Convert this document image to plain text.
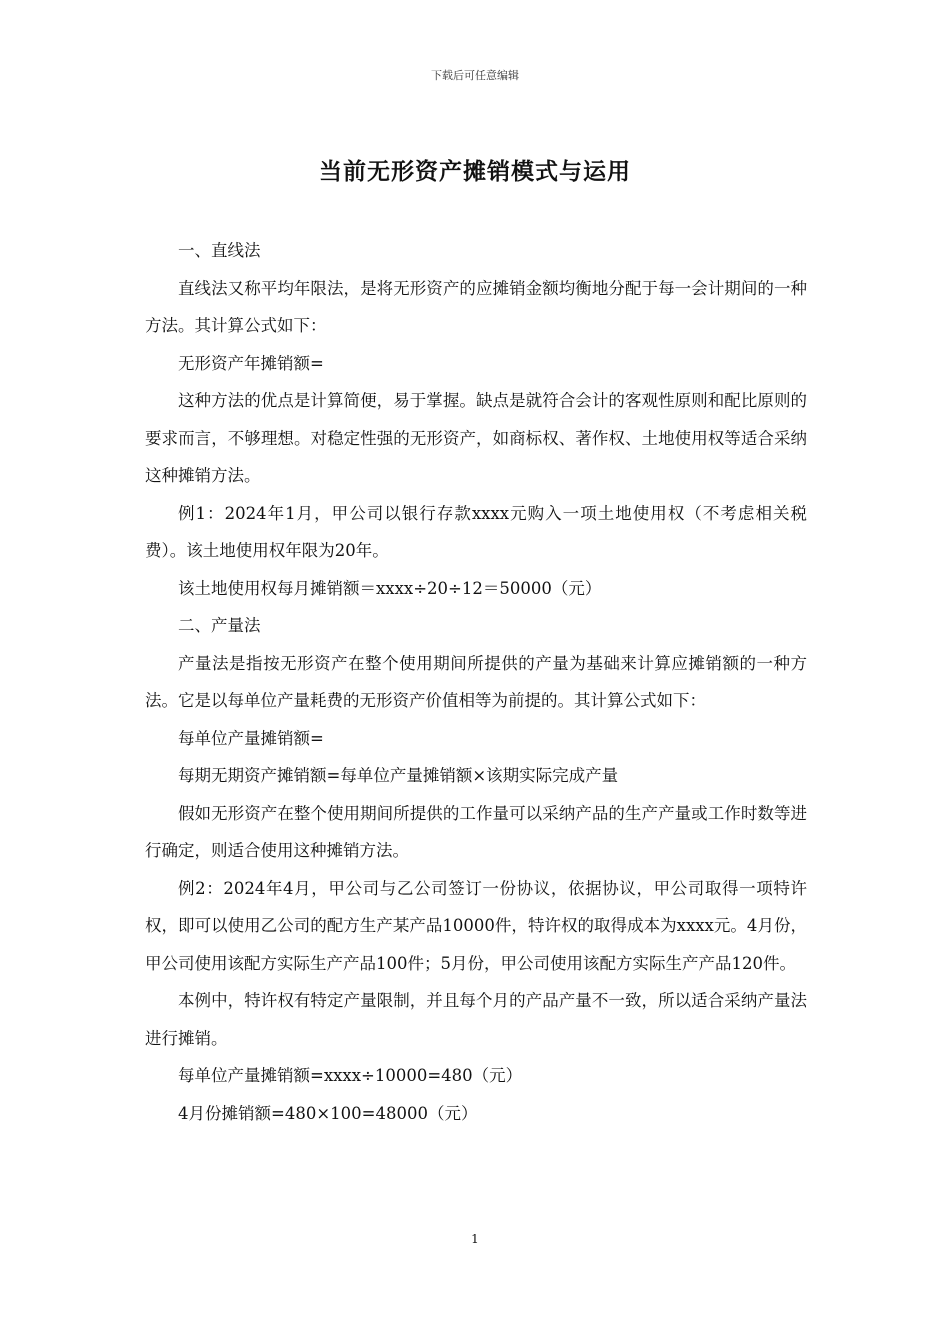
下载后可任意编辑
当前无形资产摊销模式与运用

一、直线法

直线法又称平均年限法，是将无形资产的应摊销金额均衡地分配于每一会计期间的一种方法。其计算公式如下：

无形资产年摊销额=

这种方法的优点是计算简便，易于掌握。缺点是就符合会计的客观性原则和配比原则的要求而言，不够理想。对稳定性强的无形资产，如商标权、著作权、土地使用权等适合采纳这种摊销方法。

例1：2024年1月，甲公司以银行存款xxxx元购入一项土地使用权（不考虑相关税费）。该土地使用权年限为20年。

该土地使用权每月摊销额＝xxxx÷20÷12＝50000（元）

二、产量法

产量法是指按无形资产在整个使用期间所提供的产量为基础来计算应摊销额的一种方法。它是以每单位产量耗费的无形资产价值相等为前提的。其计算公式如下：

每单位产量摊销额=

每期无期资产摊销额=每单位产量摊销额×该期实际完成产量

假如无形资产在整个使用期间所提供的工作量可以采纳产品的生产产量或工作时数等进行确定，则适合使用这种摊销方法。

例2：2024年4月，甲公司与乙公司签订一份协议，依据协议，甲公司取得一项特许权，即可以使用乙公司的配方生产某产品10000件，特许权的取得成本为xxxx元。4月份，甲公司使用该配方实际生产产品100件；5月份，甲公司使用该配方实际生产产品120件。

本例中，特许权有特定产量限制，并且每个月的产品产量不一致，所以适合采纳产量法进行摊销。

每单位产量摊销额=xxxx÷10000=480（元）

4月份摊销额=480×100=48000（元）

1
